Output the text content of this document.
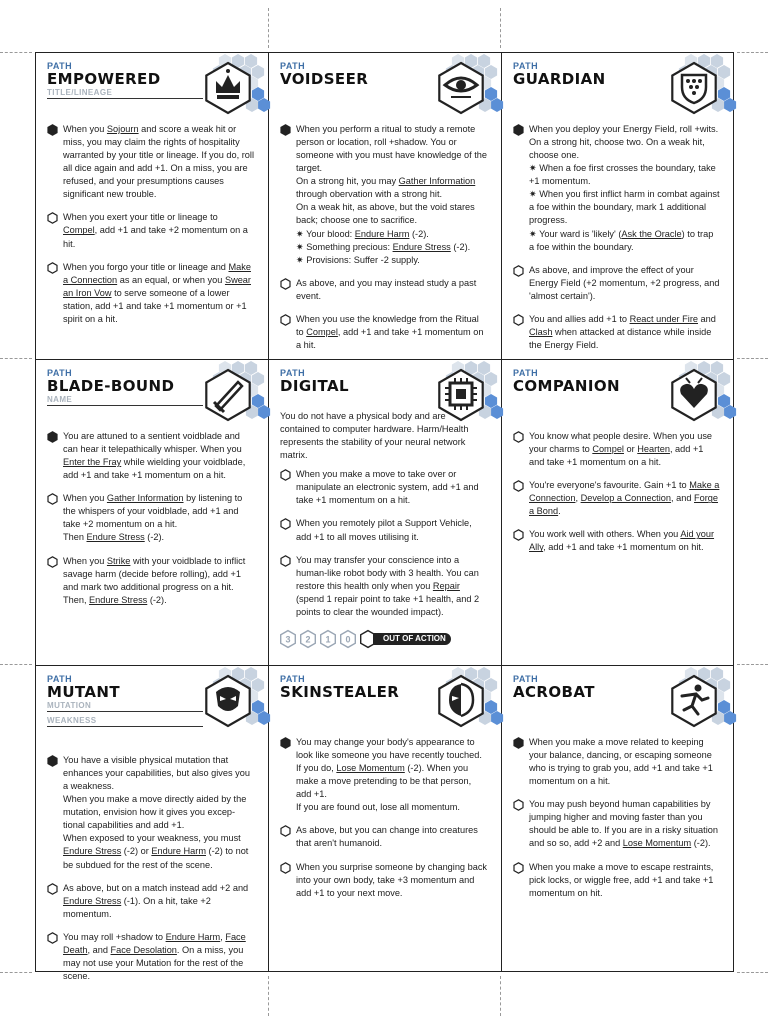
PATH
EMPOWERED
TITLE/LINEAGE
When you Sojourn and score a weak hit or miss, you may claim the rights of hospitality warranted by your title or lineage. If you do, roll all dice again and add +1. On a miss, you are refused, and your presumptions causes significant new trouble.
When you exert your title or lineage to Compel, add +1 and take +2 momentum on a hit.
When you forgo your title or lineage and Make a Connection as an equal, or when you Swear an Iron Vow to serve someone of a lower station, add +1 and take +1 momentum or +1 spirit on a hit.
PATH
VOIDSEER
When you perform a ritual to study a remote person or location, roll +shadow. You or someone with you must have knowledge of the target.
On a strong hit, you may Gather Information through obervation with a strong hit.
On a weak hit, as above, but the void stares back; choose one to sacrifice.
✷ Your blood: Endure Harm (-2).
✷ Something precious: Endure Stress (-2).
✷ Provisions: Suffer -2 supply.
As above, and you may instead study a past event.
When you use the knowledge from the Ritual to Compel, add +1 and take +1 momentum on a hit.
PATH
GUARDIAN
When you deploy your Energy Field, roll +wits. On a strong hit, choose two. On a weak hit, choose one.
✷ When a foe first crosses the boundary, take +1 momentum.
✷ When you first inflict harm in combat against a foe within the boundary, mark 1 additional progress.
✷ Your ward is 'likely' (Ask the Oracle) to trap a foe within the boundary.
As above, and improve the effect of your Energy Field (+2 momentum, +2 progress, and 'almost certain').
You and allies add +1 to React under Fire and Clash when attacked at distance while inside the Energy Field.
PATH
BLADE-BOUND
NAME
You are attuned to a sentient voidblade and can hear it telepathically whisper. When you Enter the Fray while wielding your voidblade, add +1 and take +1 momentum on a hit.
When you Gather Information by listening to the whispers of your voidblade, add +1 and take +2 momentum on a hit.
Then Endure Stress (-2).
When you Strike with your voidblade to inflict savage harm (decide before rolling), add +1 and mark two additional progress on a hit. Then, Endure Stress (-2).
PATH
DIGITAL
You do not have a physical body and are contained to computer hardware. Harm/Health represents the stability of your neural network matrix.
When you make a move to take over or manipulate an electronic system, add +1 and take +1 momentum on a hit.
When you remotely pilot a Support Vehicle, add +1 to all moves utilising it.
You may transfer your conscience into a human-like robot body with 3 health. You can restore this health only when you Repair (spend 1 repair point to take +1 health, and 2 points to clear the wounded impact).
3 2 1 0	OUT OF ACTION
PATH
COMPANION
You know what people desire. When you use your charms to Compel or Hearten, add +1 and take +1 momentum on a hit.
You're everyone's favourite. Gain +1 to Make a Connection, Develop a Connection, and Forge a Bond.
You work well with others. When you Aid your Ally, add +1 and take +1 momentum on hit.
PATH
MUTANT
MUTATION
WEAKNESS
You have a visible physical mutation that enhances your capabilities, but also gives you a weakness.
When you make a move directly aided by the mutation, envision how it gives you excep-tional capabilities and add +1.
When exposed to your weakness, you must Endure Stress (-2) or Endure Harm (-2) to not be subdued for the rest of the scene.
As above, but on a match instead add +2 and Endure Stress (-1). On a hit, take +2 momentum.
You may roll +shadow to Endure Harm, Face Death, and Face Desolation. On a miss, you may not use your Mutation for the rest of the scene.
PATH
SKINSTEALER
You may change your body's appearance to look like someone you have recently touched. If you do, Lose Momentum (-2). When you make a move pretending to be that person, add +1.
If you are found out, lose all momentum.
As above, but you can change into creatures that aren't humanoid.
When you surprise someone by changing back into your own body, take +3 momentum and add +1 to your next move.
PATH
ACROBAT
When you make a move related to keeping your balance, dancing, or escaping someone who is trying to grab you, add +1 and take +1 momentum on a hit.
You may push beyond human capabilities by jumping higher and moving faster than you should be able to. If you are in a risky situation and so so, add +2 and Lose Momentum (-2).
When you make a move to escape restraints, pick locks, or wiggle free, add +1 and take +1 momentum on hit.
